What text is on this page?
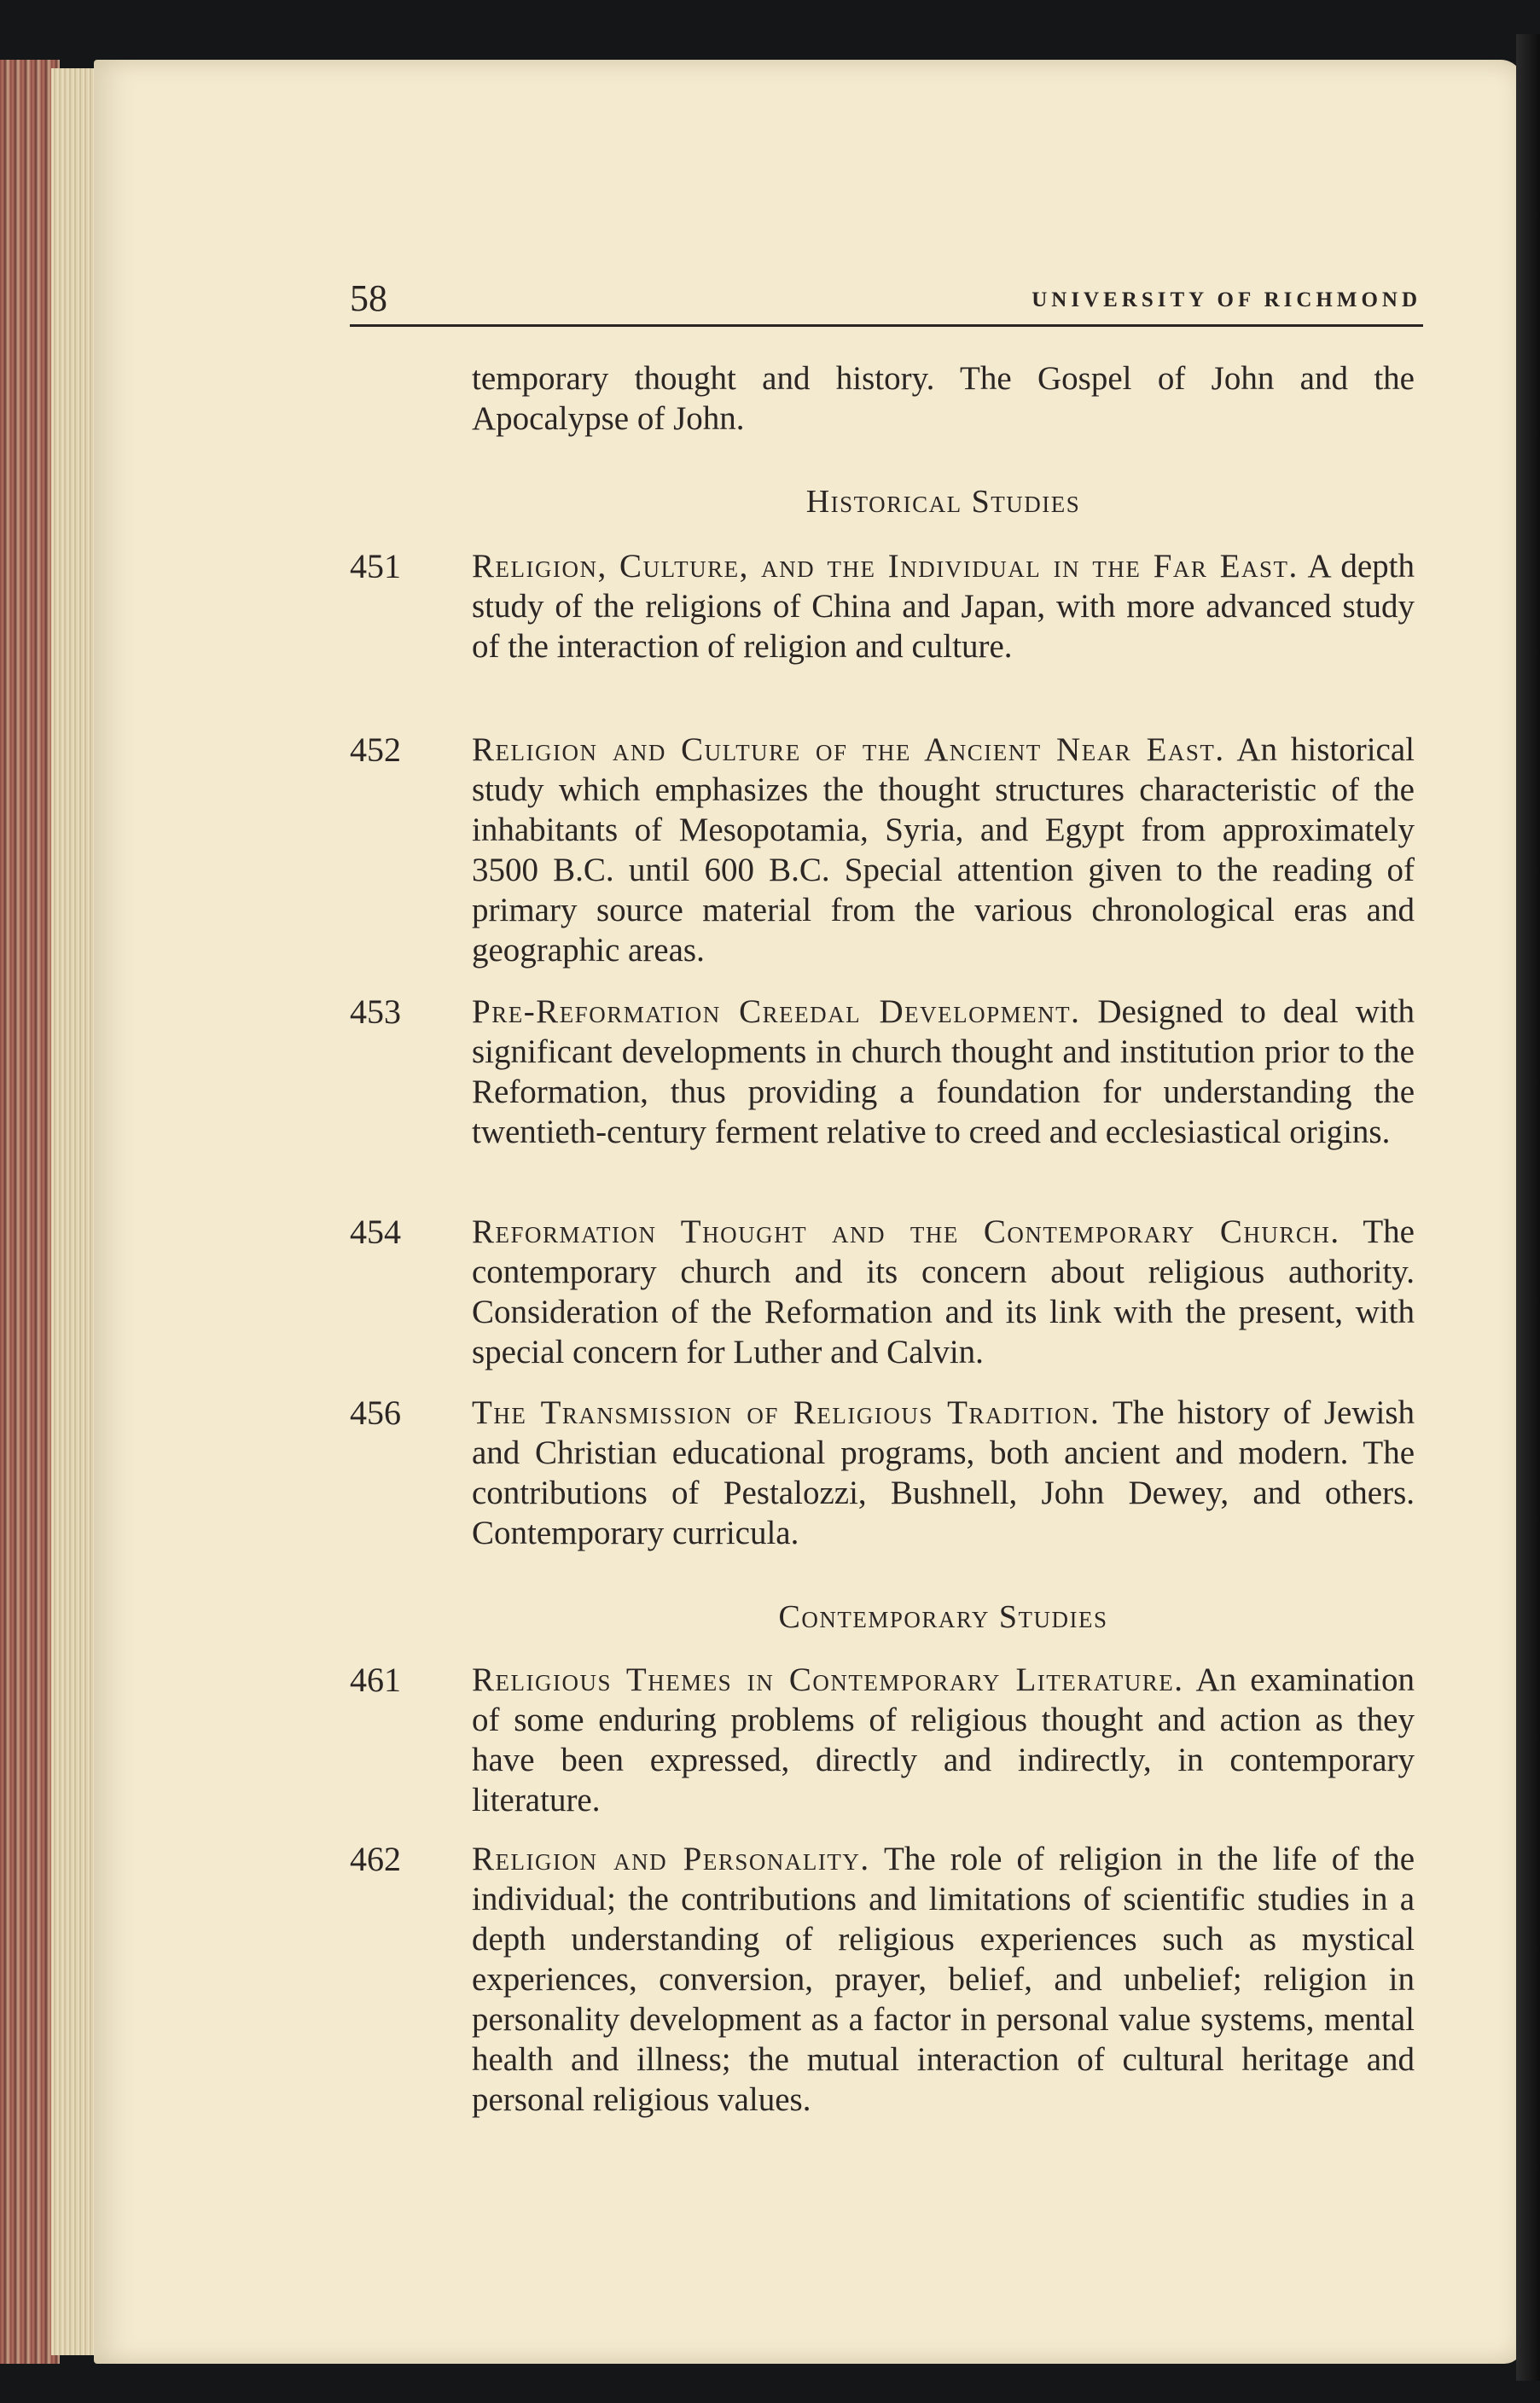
58	UNIVERSITY OF RICHMOND

temporary thought and history. The Gospel of John and the Apocalypse of John.

Historical Studies
451 Religion, Culture, and the Individual in the Far East. A depth study of the religions of China and Japan, with more advanced study of the interaction of religion and culture.

452 Religion and Culture of the Ancient Near East. An historical study which emphasizes the thought structures characteristic of the inhabitants of Mesopotamia, Syria, and Egypt from approximately 3500 B.C. until 600 B.C. Special attention given to the reading of primary source material from the various chronological eras and geographic areas.

453 Pre-Reformation Creedal Development. Designed to deal with significant developments in church thought and institution prior to the Reformation, thus providing a foundation for understanding the twentieth-century ferment relative to creed and ecclesiastical origins.

454 Reformation Thought and the Contemporary Church. The contemporary church and its concern about religious authority. Consideration of the Reformation and its link with the present, with special concern for Luther and Calvin.

456 The Transmission of Religious Tradition. The history of Jewish and Christian educational programs, both ancient and modern. The contributions of Pestalozzi, Bushnell, John Dewey, and others. Contemporary curricula.

Contemporary Studies
461 Religious Themes in Contemporary Literature. An examination of some enduring problems of religious thought and action as they have been expressed, directly and indirectly, in contemporary literature.

462 Religion and Personality. The role of religion in the life of the individual; the contributions and limitations of scientific studies in a depth understanding of religious experiences such as mystical experiences, conversion, prayer, belief, and unbelief; religion in personality development as a factor in personal value systems, mental health and illness; the mutual interaction of cultural heritage and personal religious values.
